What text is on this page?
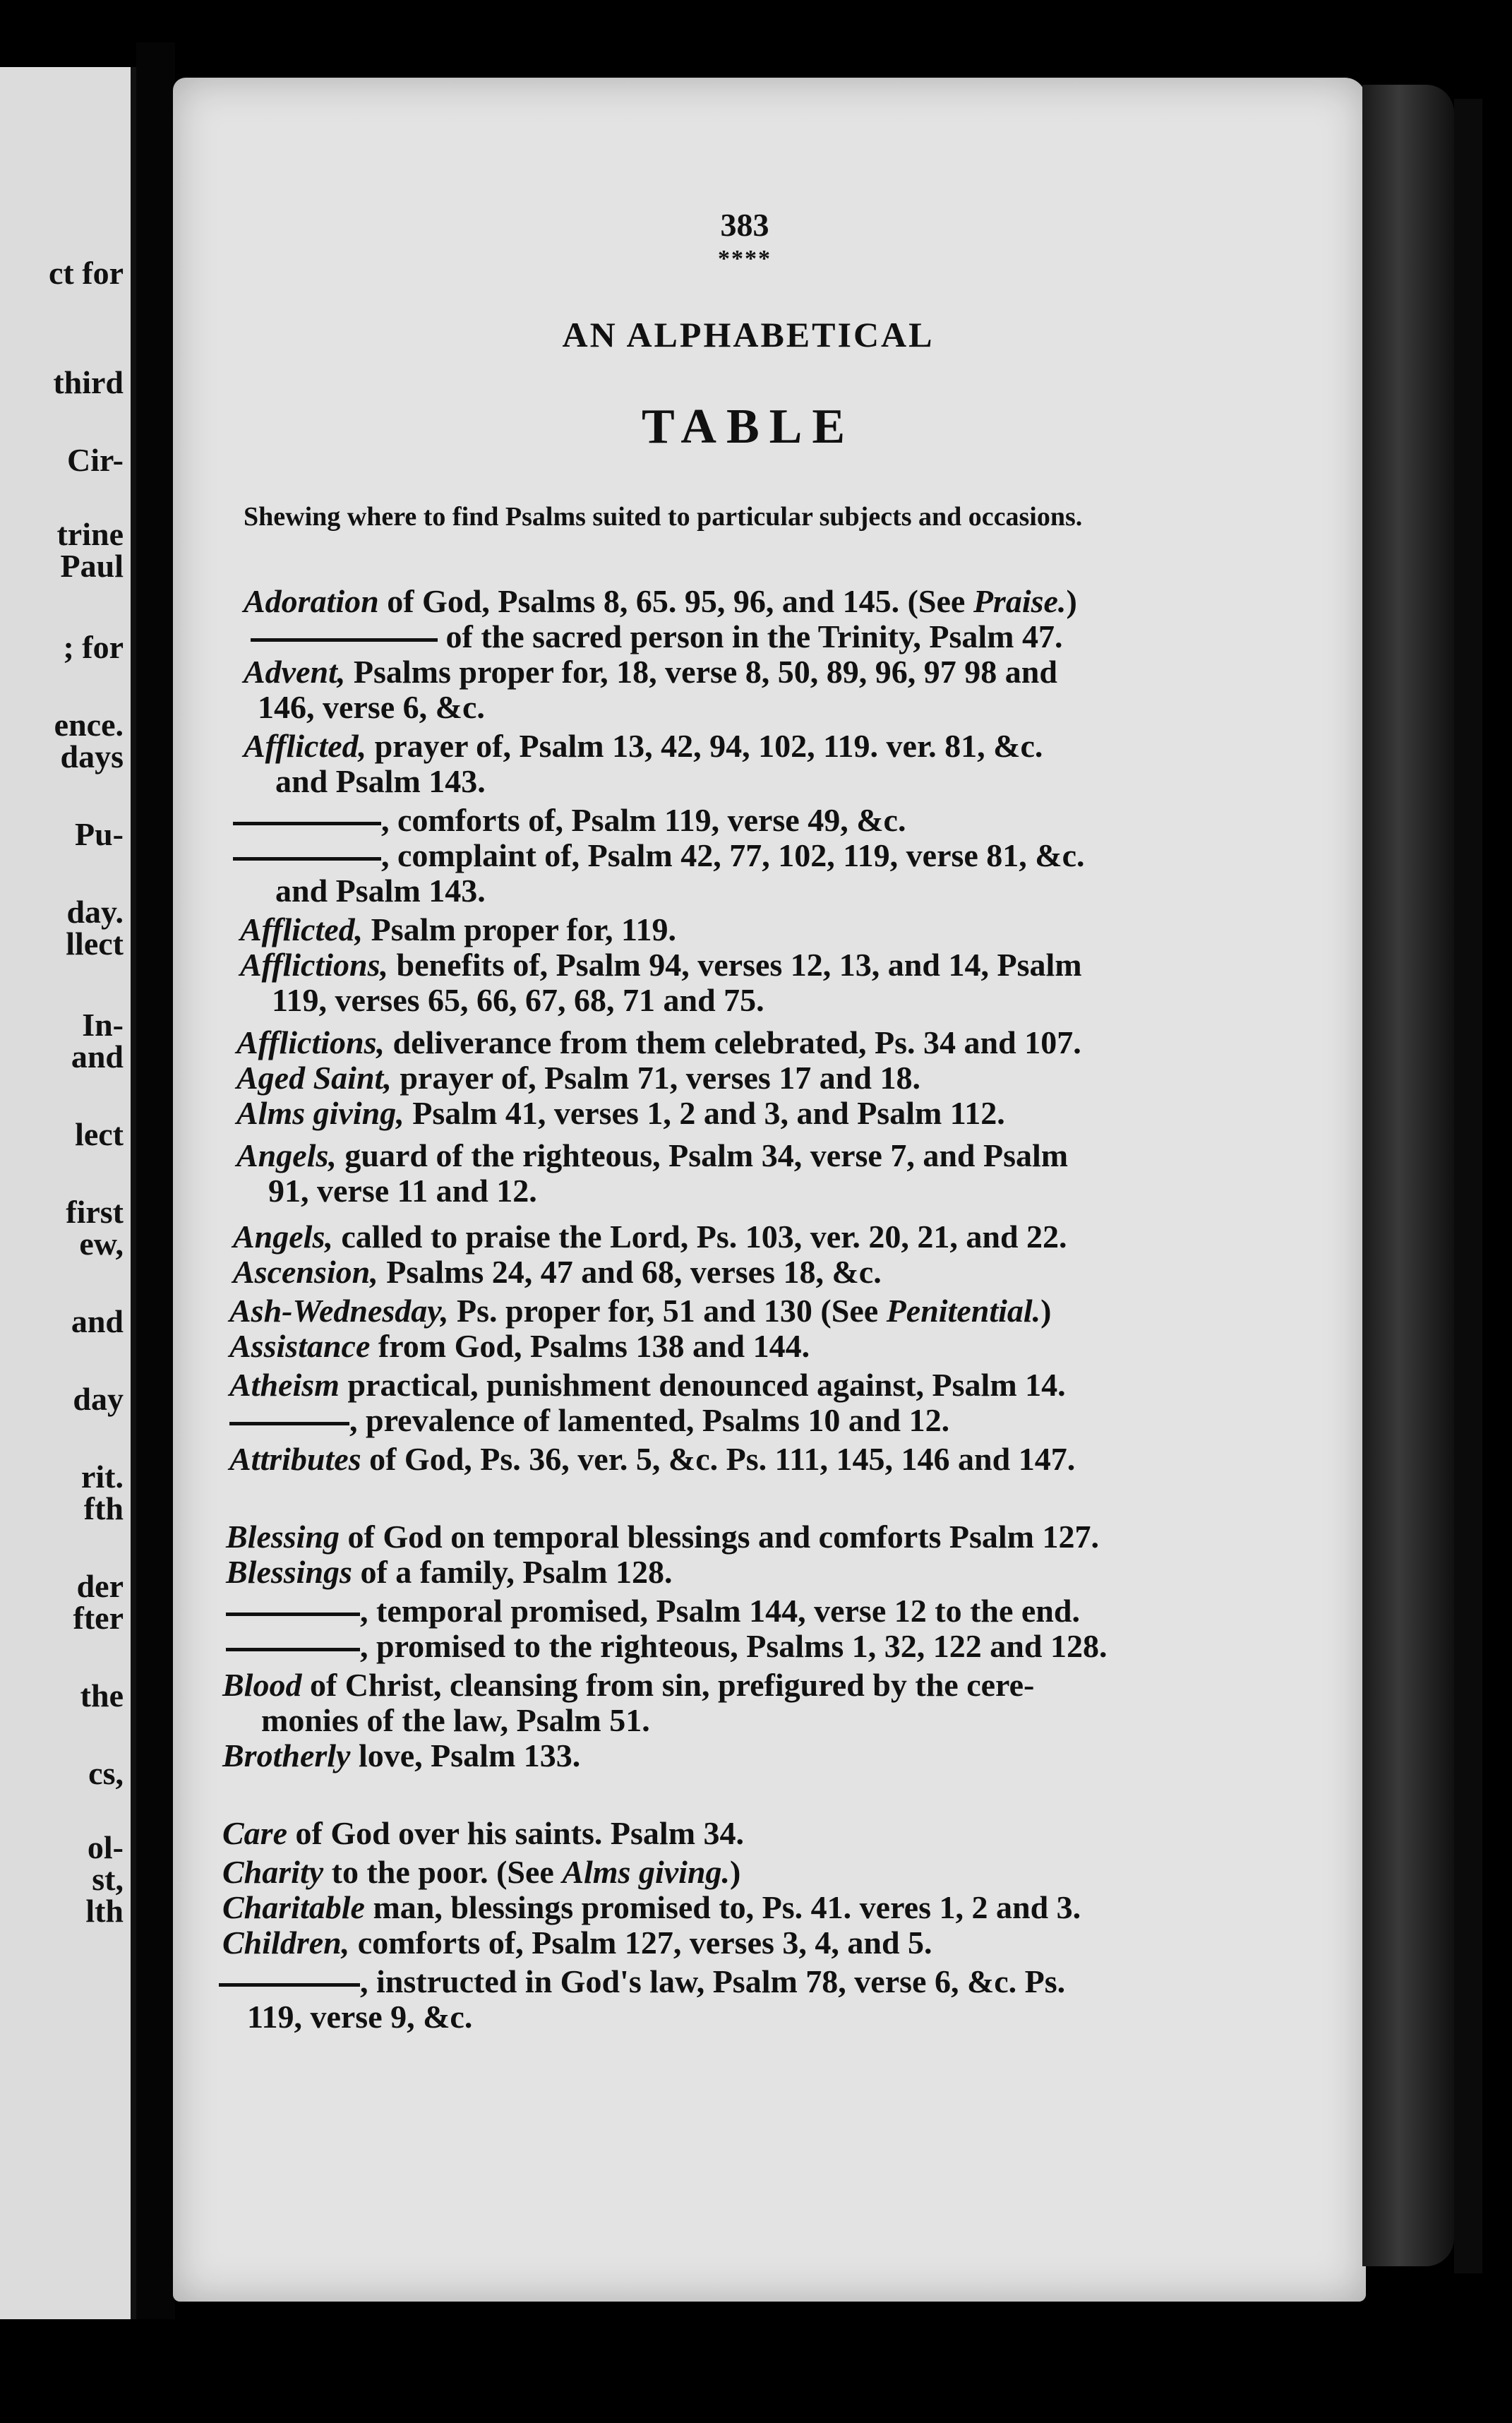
ct for
third
Cir-
trine
Paul
; for
ence.
days
Pu-
day.
llect
In-
and
lect
first
ew,
and
day
rit.
fth
der
fter
the
cs,
ol-
st,
lth
383
****
AN ALPHABETICAL
TABLE
Shewing where to find Psalms suited to particular subjects and occasions.
Adoration of God, Psalms 8, 65. 95, 96, and 145. (See Praise.)
of the sacred person in the Trinity, Psalm 47.
Advent, Psalms proper for, 18, verse 8, 50, 89, 96, 97 98 and
146, verse 6, &c.
Afflicted, prayer of, Psalm 13, 42, 94, 102, 119. ver. 81, &c.
and Psalm 143.
, comforts of, Psalm 119, verse 49, &c.
, complaint of, Psalm 42, 77, 102, 119, verse 81, &c.
and Psalm 143.
Afflicted, Psalm proper for, 119.
Afflictions, benefits of, Psalm 94, verses 12, 13, and 14, Psalm
119, verses 65, 66, 67, 68, 71 and 75.
Afflictions, deliverance from them celebrated, Ps. 34 and 107.
Aged Saint, prayer of, Psalm 71, verses 17 and 18.
Alms giving, Psalm 41, verses 1, 2 and 3, and Psalm 112.
Angels, guard of the righteous, Psalm 34, verse 7, and Psalm
91, verse 11 and 12.
Angels, called to praise the Lord, Ps. 103, ver. 20, 21, and 22.
Ascension, Psalms 24, 47 and 68, verses 18, &c.
Ash-Wednesday, Ps. proper for, 51 and 130 (See Penitential.)
Assistance from God, Psalms 138 and 144.
Atheism practical, punishment denounced against, Psalm 14.
, prevalence of lamented, Psalms 10 and 12.
Attributes of God, Ps. 36, ver. 5, &c. Ps. 111, 145, 146 and 147.
Blessing of God on temporal blessings and comforts Psalm 127.
Blessings of a family, Psalm 128.
, temporal promised, Psalm 144, verse 12 to the end.
, promised to the righteous, Psalms 1, 32, 122 and 128.
Blood of Christ, cleansing from sin, prefigured by the cere-
monies of the law, Psalm 51.
Brotherly love, Psalm 133.
Care of God over his saints. Psalm 34.
Charity to the poor. (See Alms giving.)
Charitable man, blessings promised to, Ps. 41. veres 1, 2 and 3.
Children, comforts of, Psalm 127, verses 3, 4, and 5.
, instructed in God's law, Psalm 78, verse 6, &c. Ps.
119, verse 9, &c.
